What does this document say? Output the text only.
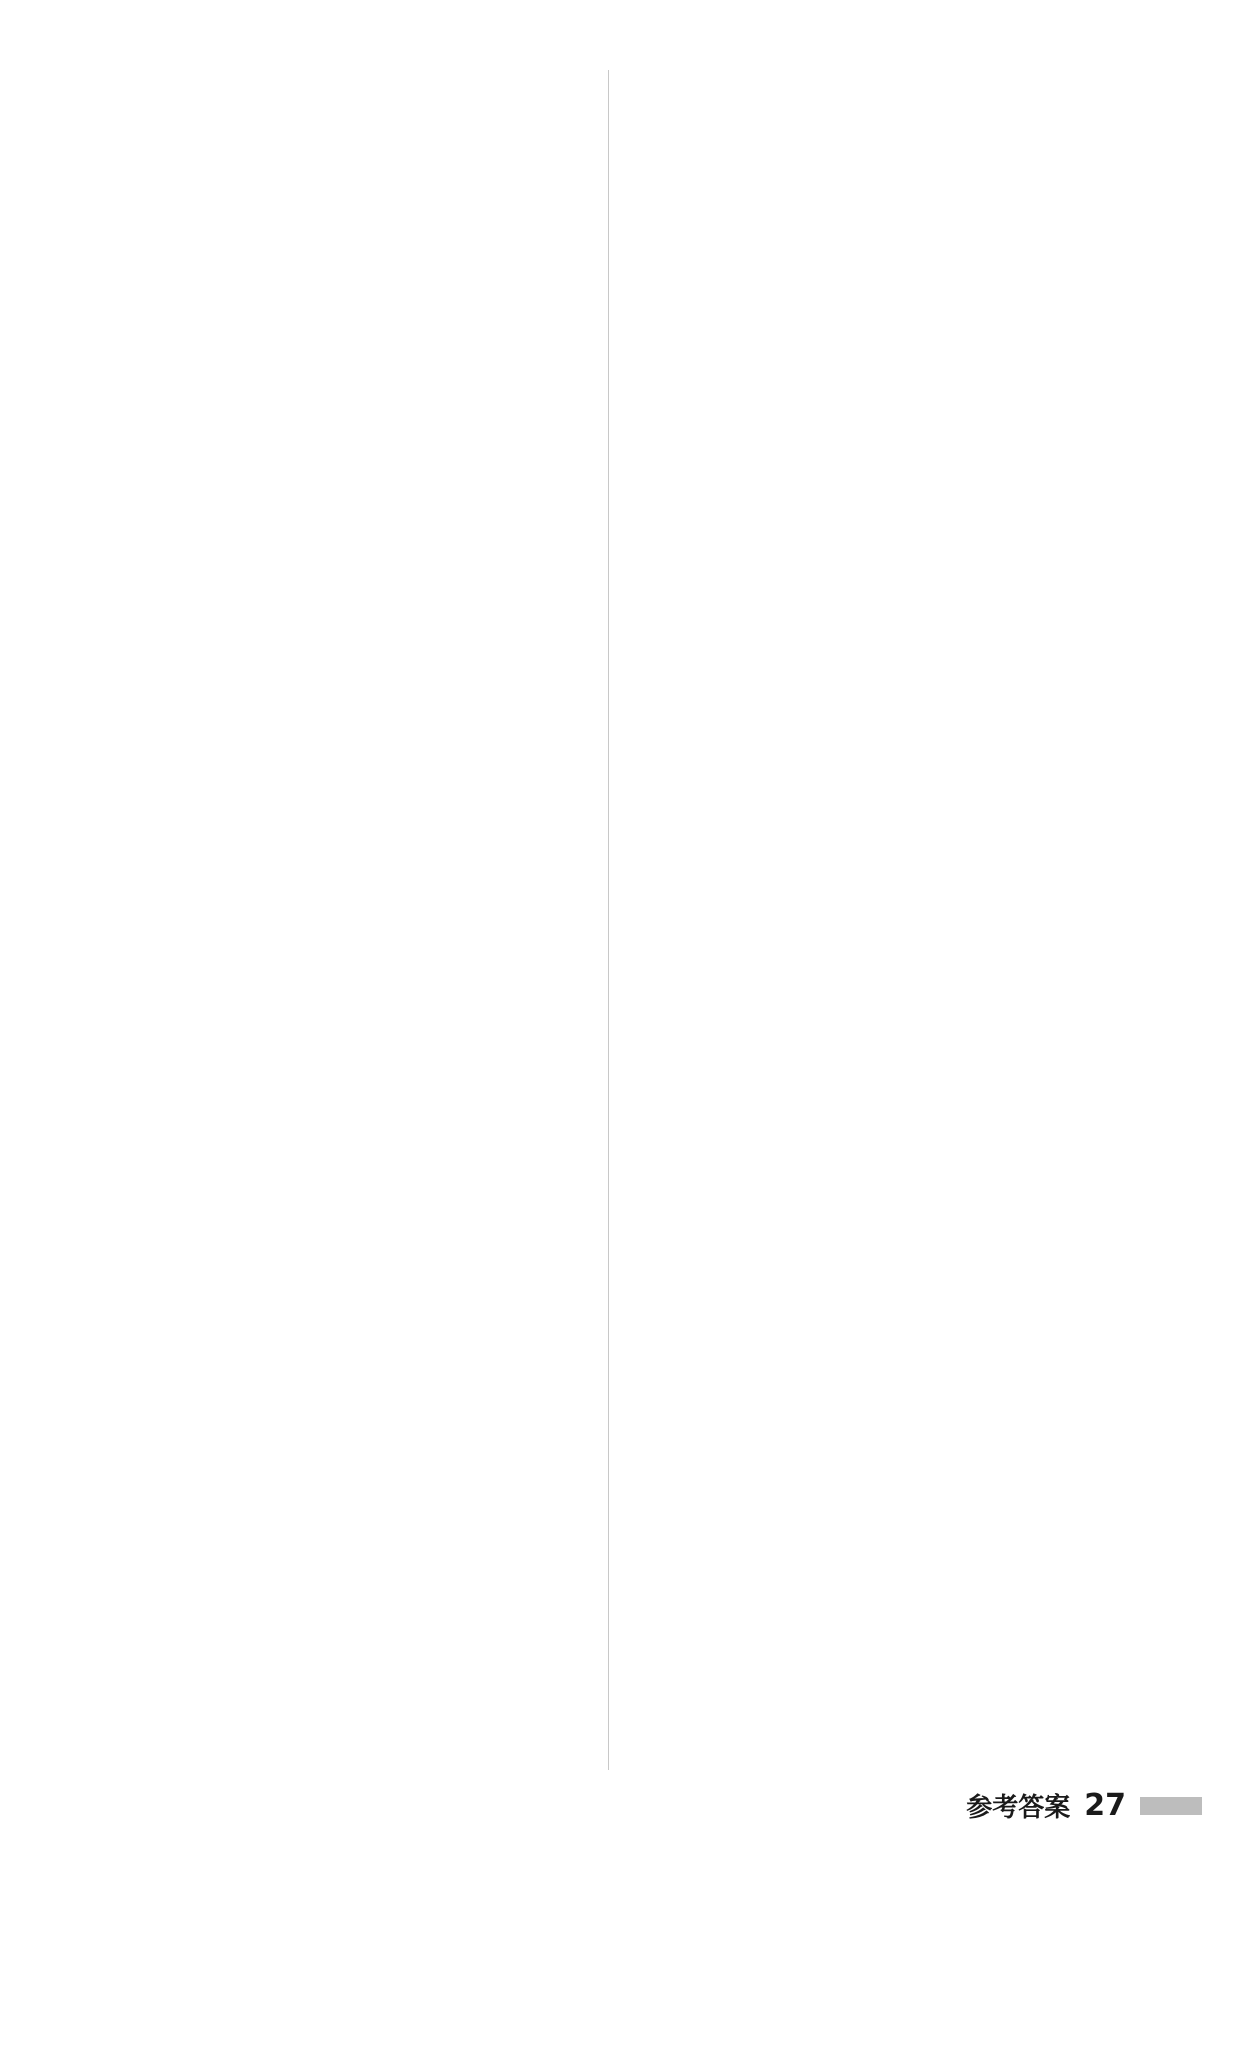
参考答案 27
